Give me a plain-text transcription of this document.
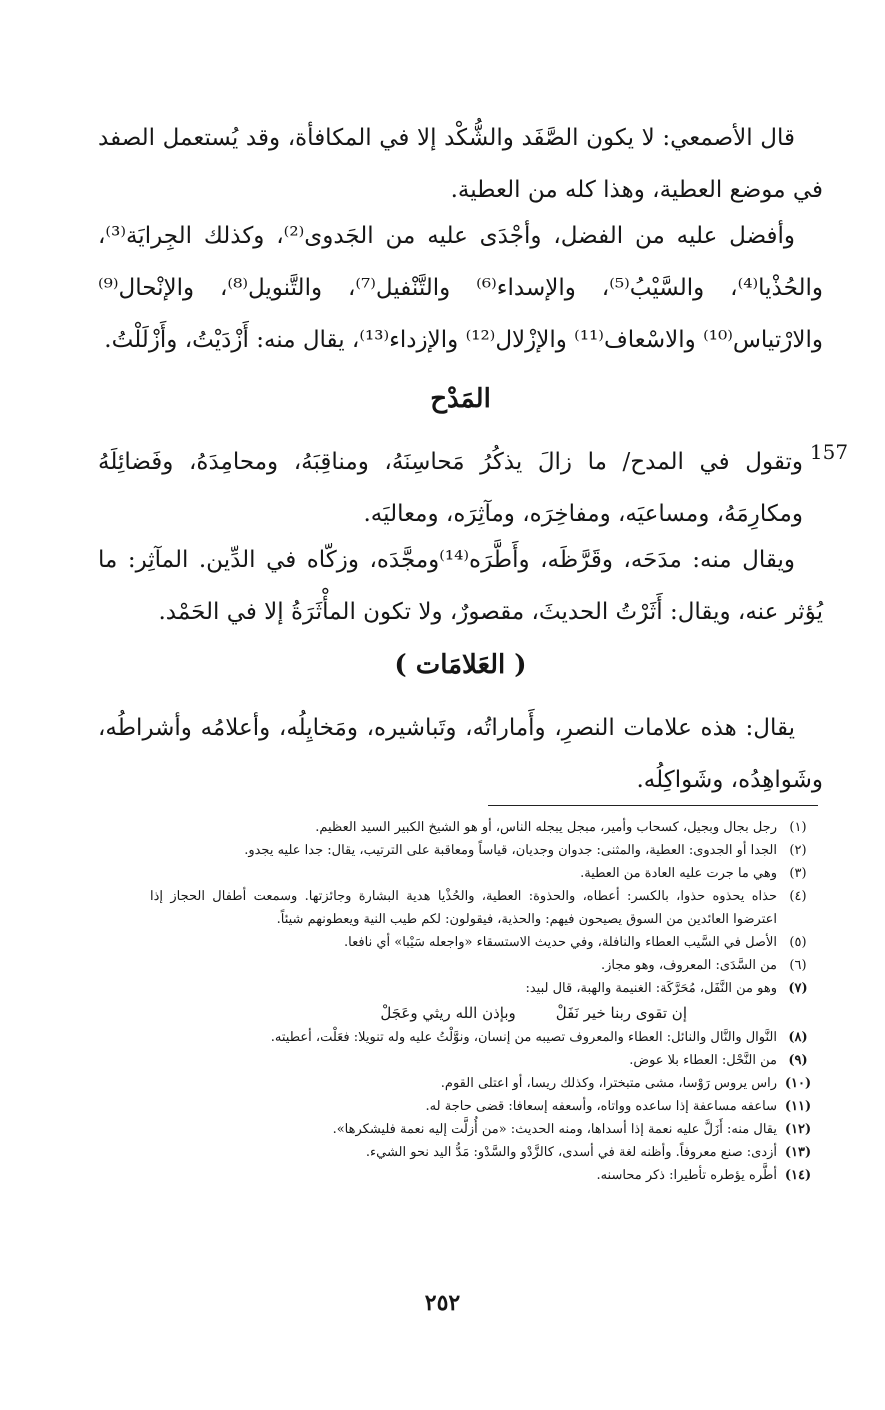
قال الأصمعي: لا يكون الصَّفَد والشُّكْد إلا في المكافأة، وقد يُستعمل الصفد في موضع العطية، وهذا كله من العطية.
وأفضل عليه من الفضل، وأجْدَى عليه من الجَدوى⁽²⁾، وكذلك الجِرايَة⁽³⁾، والحُذْيا⁽⁴⁾، والسَّيْبُ⁽⁵⁾، والإسداء⁽⁶⁾ والتَّنْفيل⁽⁷⁾، والتَّنويل⁽⁸⁾، والإنْحال⁽⁹⁾ والارْتياس⁽¹⁰⁾ والاسْعاف⁽¹¹⁾ والإزْلال⁽¹²⁾ والإزداء⁽¹³⁾، يقال منه: أَزْدَيْتُ، وأَزْلَلْتُ.
المَدْح
157
وتقول في المدح/ ما زالَ يذكُرُ مَحاسِنَهُ، ومناقِبَهُ، ومحامِدَهُ، وفَضائِلَهُ ومكارِمَهُ، ومساعيَه، ومفاخِرَه، ومآثِرَه، ومعاليَه.
ويقال منه: مدَحَه، وقَرَّظَه، وأَطَّرَه⁽¹⁴⁾ومجَّدَه، وزكّاه في الدِّين. المآثِر: ما يُؤثر عنه، ويقال: أَثَرْتُ الحديثَ، مقصورٌ، ولا تكون المأْثَرَةُ إلا في الحَمْد.
( العَلامَات )
يقال: هذه علامات النصرِ، وأَماراتُه، وتَباشيره، ومَخايِلُه، وأعلامُه وأشراطُه، وشَواهِدُه، وشَواكِلُه.
(١)
رجل بجال وبجيل، كسحاب وأمير، مبجل يبجله الناس، أو هو الشيخ الكبير السيد العظيم.
(٢)
الجدا أو الجدوى: العطية، والمثنى: جدوان وجديان، قياساً ومعاقبة على الترتيب، يقال: جدا عليه يجدو.
(٣)
وهي ما جرت عليه العادة من العطية.
(٤)
حذاه يحذوه حذوا، بالكسر: أعطاه، والحذوة: العطية، والحُذْيا هدية البشارة وجائزتها. وسمعت أطفال الحجاز إذا اعترضوا العائدين من السوق يصيحون فيهم: والحذية، فيقولون: لكم طيب النية ويعطونهم شيئاً.
(٥)
الأصل في السَّيب العطاء والنافلة، وفي حديث الاستسقاء «واجعله سَيْبا» أي نافعا.
(٦)
من السَّدَى: المعروف، وهو مجاز.
(٧)
وهو من النَّفَل، مُحَرَّكَة: الغنيمة والهبة، قال لبيد:
إن تقوى ربنا خير نَفَلْ
وبإذن الله ريثي وعَجَلْ
(٨)
النَّوال والنَّال والنائل: العطاء والمعروف تصيبه من إنسان، ونوَّلْتُ عليه وله تنويلا: فعَلْت، أعطيته.
(٩)
من النَّحْل: العطاء بلا عوض.
(١٠)
راس يروس رَوْسا، مشى متبخترا، وكذلك ريسا، أو اعتلى القوم.
(١١)
ساعفه مساعفة إذا ساعده وواتاه، وأسعفه إسعافا: قضى حاجة له.
(١٢)
يقال منه: أَزَلَّ عليه نعمة إذا أسداها، ومنه الحديث: «من أُزلَّت إليه نعمة فليشكرها».
(١٣)
أزدى: صنع معروفاً. وأظنه لغة في أسدى، كالزَّدْو والسَّدْو: مَدُّ اليد نحو الشيء.
(١٤)
أطَّره يؤطره تأطيرا: ذكر محاسنه.
٢٥٢
